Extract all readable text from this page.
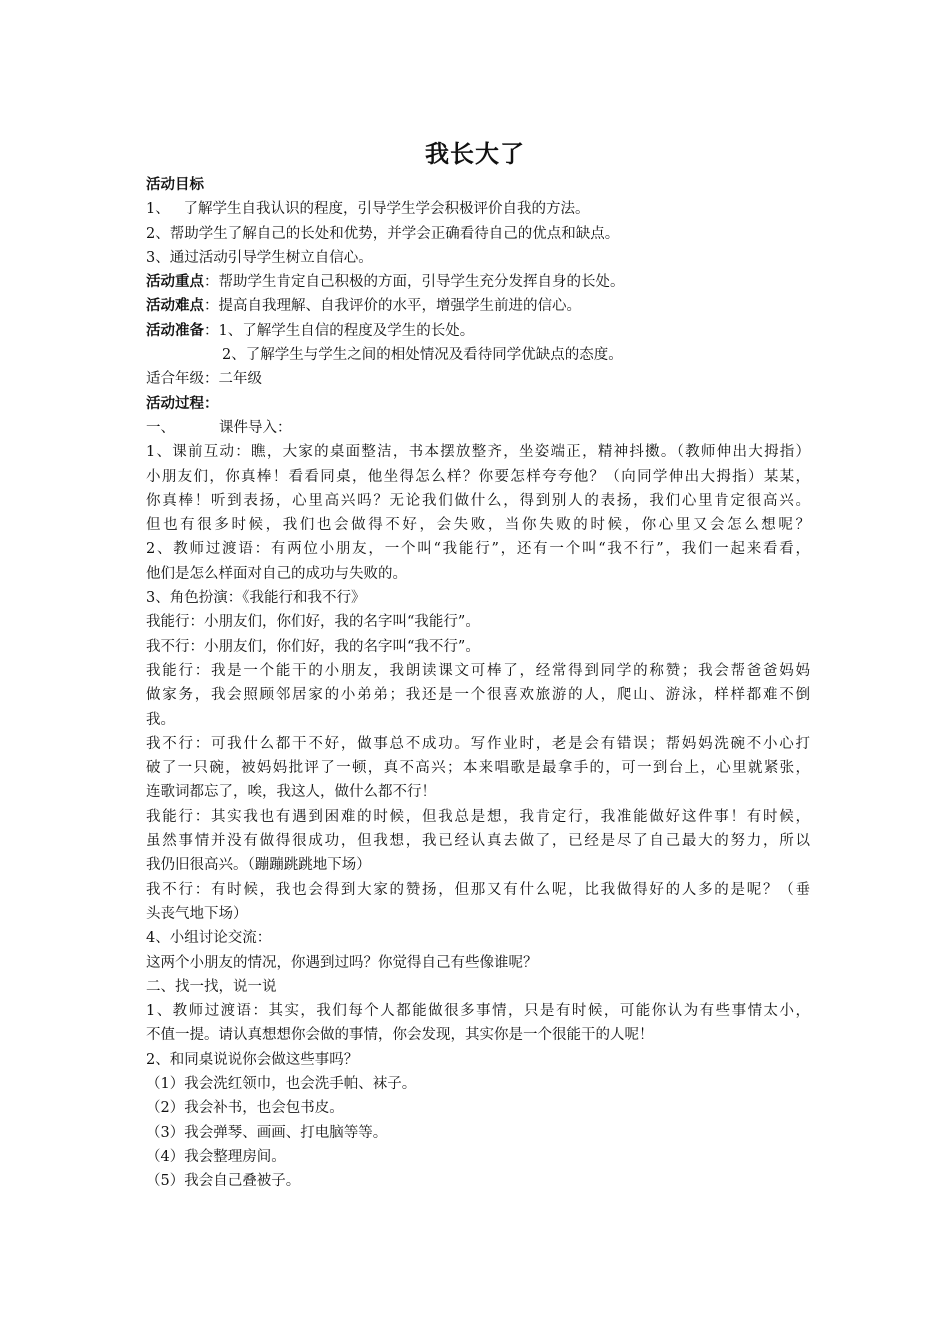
我长大了
活动目标
1、   了解学生自我认识的程度，引导学生学会积极评价自我的方法。
2、帮助学生了解自己的长处和优势，并学会正确看待自己的优点和缺点。
3、通过活动引导学生树立自信心。
活动重点：帮助学生肯定自己积极的方面，引导学生充分发挥自身的长处。
活动难点：提高自我理解、自我评价的水平，增强学生前进的信心。
活动准备：1、了解学生自信的程度及学生的长处。
2、了解学生与学生之间的相处情况及看待同学优缺点的态度。
适合年级：二年级
活动过程：
一、	课件导入：
1、课前互动：瞧，大家的桌面整洁，书本摆放整齐，坐姿端正，精神抖擞。（教师伸出大拇指）
小朋友们，你真棒！看看同桌，他坐得怎么样？你要怎样夸夸他？（向同学伸出大拇指）某某，
你真棒！听到表扬，心里高兴吗？无论我们做什么，得到别人的表扬，我们心里肯定很高兴。
但也有很多时候，我们也会做得不好，会失败，当你失败的时候，你心里又会怎么想呢？
2、教师过渡语：有两位小朋友，一个叫“我能行”，还有一个叫“我不行”，我们一起来看看，
他们是怎么样面对自己的成功与失败的。
3、角色扮演：《我能行和我不行》
我能行：小朋友们，你们好，我的名字叫“我能行”。
我不行：小朋友们，你们好，我的名字叫“我不行”。
我能行：我是一个能干的小朋友，我朗读课文可棒了，经常得到同学的称赞；我会帮爸爸妈妈
做家务，我会照顾邻居家的小弟弟；我还是一个很喜欢旅游的人，爬山、游泳，样样都难不倒
我。
我不行：可我什么都干不好，做事总不成功。写作业时，老是会有错误；帮妈妈洗碗不小心打
破了一只碗，被妈妈批评了一顿，真不高兴；本来唱歌是最拿手的，可一到台上，心里就紧张，
连歌词都忘了，唉，我这人，做什么都不行！
我能行：其实我也有遇到困难的时候，但我总是想，我肯定行，我准能做好这件事！有时候，
虽然事情并没有做得很成功，但我想，我已经认真去做了，已经是尽了自己最大的努力，所以
我仍旧很高兴。（蹦蹦跳跳地下场）
我不行：有时候，我也会得到大家的赞扬，但那又有什么呢，比我做得好的人多的是呢？（垂
头丧气地下场）
4、小组讨论交流：
这两个小朋友的情况，你遇到过吗？你觉得自己有些像谁呢？
二、找一找，说一说
1、教师过渡语：其实，我们每个人都能做很多事情，只是有时候，可能你认为有些事情太小，
不值一提。请认真想想你会做的事情，你会发现，其实你是一个很能干的人呢！
2、和同桌说说你会做这些事吗？
（1）我会洗红领巾，也会洗手帕、袜子。
（2）我会补书，也会包书皮。
（3）我会弹琴、画画、打电脑等等。
（4）我会整理房间。
（5）我会自己叠被子。
